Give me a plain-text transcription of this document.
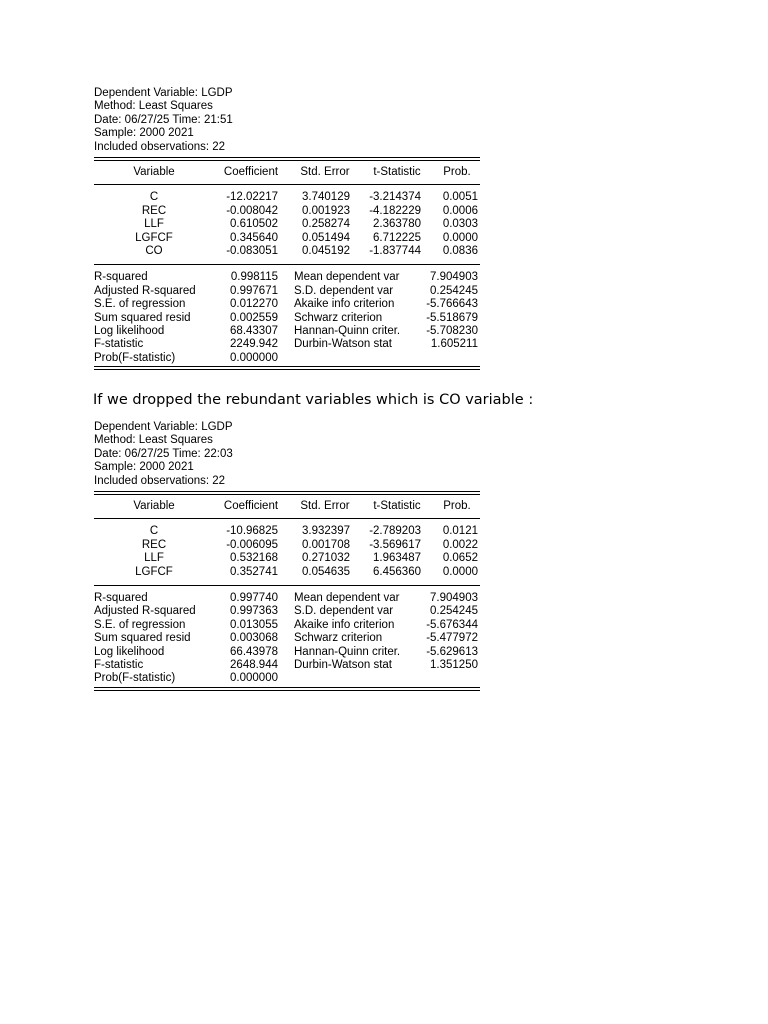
Dependent Variable: LGDP
Method: Least Squares
Date: 06/27/25 Time: 21:51
Sample: 2000 2021
Included observations: 22
Variable	Coefficient	Std. Error	t-Statistic	Prob.
C	-12.02217 3.740129 -3.214374 0.0051
REC	-0.008042 0.001923 -4.182229 0.0006
LLF	0.610502 0.258274 2.363780 0.0303
LGFCF	0.345640 0.051494 6.712225 0.0000
CO	-0.083051 0.045192 -1.837744 0.0836
R-squared	0.998115 Mean dependent var	7.904903
Adjusted R-squared	0.997671 S.D. dependent var	0.254245
S.E. of regression	0.012270 Akaike info criterion	-5.766643
Sum squared resid	0.002559 Schwarz criterion	-5.518679
Log likelihood	68.43307 Hannan-Quinn criter. -5.708230
F-statistic	2249.942 Durbin-Watson stat	1.605211
Prob(F-statistic)	0.000000
If we dropped the rebundant variables which is CO variable :
Dependent Variable: LGDP
Method: Least Squares
Date: 06/27/25 Time: 22:03
Sample: 2000 2021
Included observations: 22
Variable	Coefficient	Std. Error	t-Statistic	Prob.
C	-10.96825 3.932397 -2.789203 0.0121
REC	-0.006095 0.001708 -3.569617 0.0022
LLF	0.532168 0.271032 1.963487 0.0652
LGFCF	0.352741 0.054635 6.456360 0.0000
R-squared	0.997740 Mean dependent var	7.904903
Adjusted R-squared	0.997363 S.D. dependent var	0.254245
S.E. of regression	0.013055 Akaike info criterion	-5.676344
Sum squared resid	0.003068 Schwarz criterion	-5.477972
Log likelihood	66.43978 Hannan-Quinn criter. -5.629613
F-statistic	2648.944 Durbin-Watson stat	1.351250
Prob(F-statistic)	0.000000
